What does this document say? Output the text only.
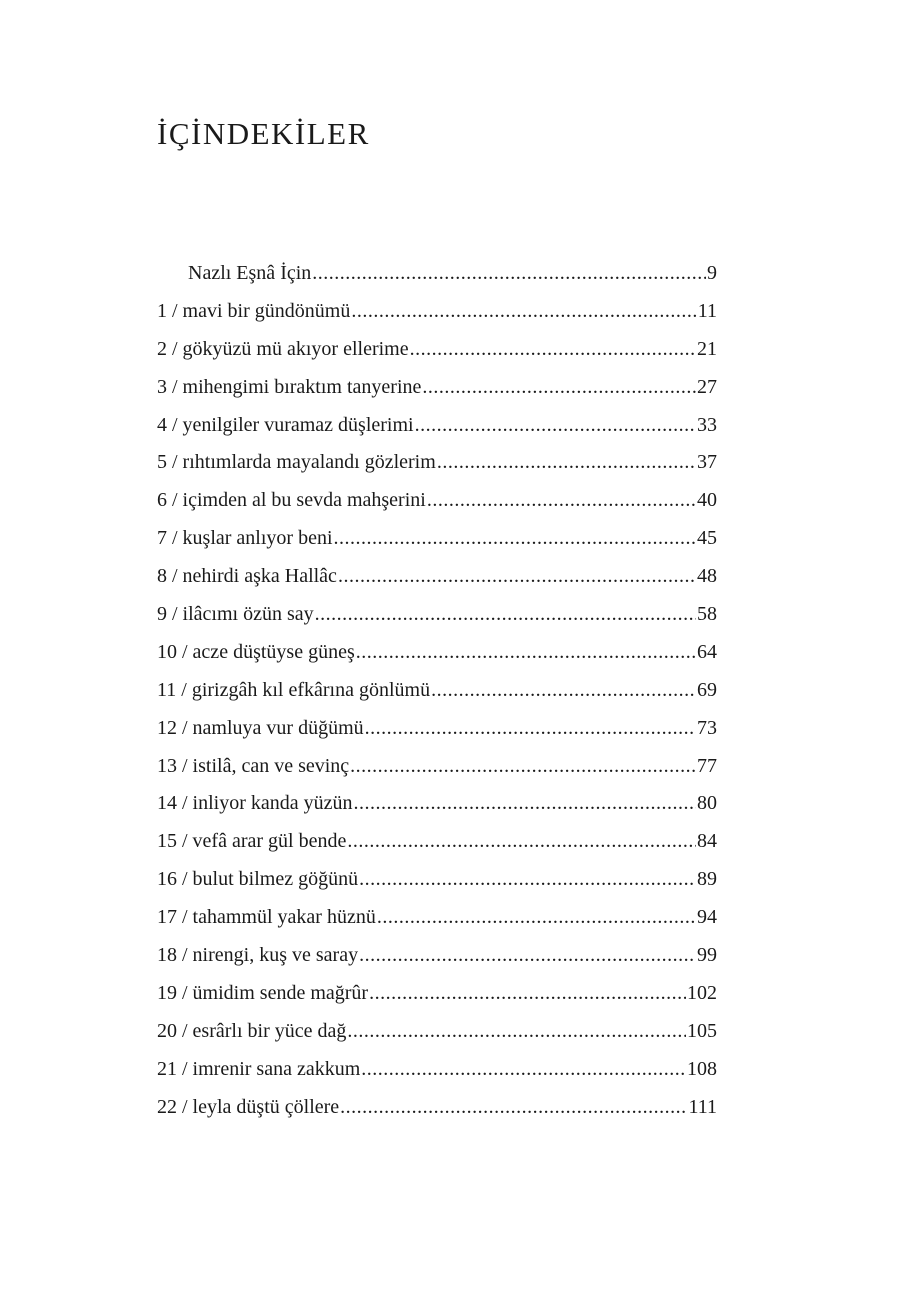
İÇİNDEKİLER
Nazlı Eşnâ İçin .....	9
1 / mavi bir gündönümü .....	11
2 / gökyüzü mü akıyor ellerime .....	21
3 / mihengimi bıraktım tanyerine .....	27
4 / yenilgiler vuramaz düşlerimi .....	33
5 / rıhtımlarda mayalandı gözlerim .....	37
6 / içimden al bu sevda mahşerini .....	40
7 / kuşlar anlıyor beni .....	45
8 / nehirdi aşka Hallâc .....	48
9 / ilâcımı özün say .....	58
10 / acze düştüyse güneş .....	64
11 / girizgâh kıl efkârına gönlümü .....	69
12 / namluya vur düğümü .....	73
13 / istilâ, can ve sevinç .....	77
14 / inliyor kanda yüzün .....	80
15 / vefâ arar gül bende .....	84
16 / bulut bilmez göğünü .....	89
17 / tahammül yakar hüznü .....	94
18 / nirengi, kuş ve saray .....	99
19 / ümidim sende mağrûr .....	102
20 / esrârlı bir yüce dağ .....	105
21 / imrenir sana zakkum .....	108
22 / leyla düştü çöllere .....	111
